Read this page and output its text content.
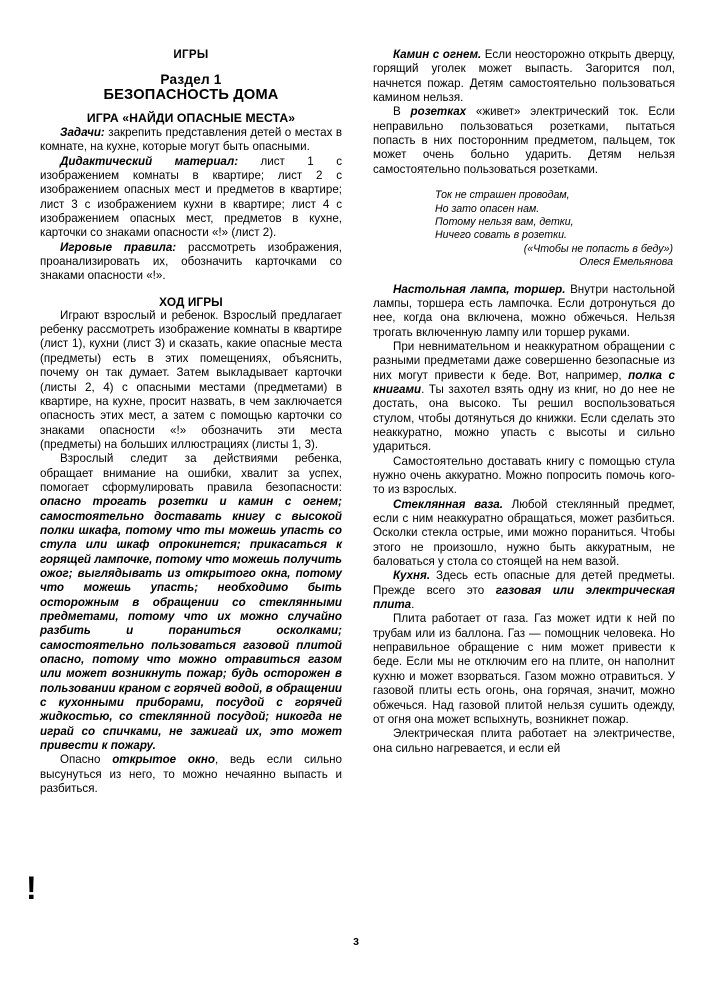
ИГРЫ
Раздел 1
БЕЗОПАСНОСТЬ ДОМА
ИГРА «НАЙДИ ОПАСНЫЕ МЕСТА»

Задачи: закрепить представления детей о местах в комнате, на кухне, которые могут быть опасными.

Дидактический материал: лист 1 с изображением комнаты в квартире; лист 2 с изображением опасных мест и предметов в квартире; лист 3 с изображением кухни в квартире; лист 4 с изображением опасных мест, предметов в кухне, карточки со знаками опасности «!» (лист 2).

Игровые правила: рассмотреть изображения, проанализировать их, обозначить карточками со знаками опасности «!».

ХОД ИГРЫ

Играют взрослый и ребенок. Взрослый предлагает ребенку рассмотреть изображение комнаты в квартире (лист 1), кухни (лист 3) и сказать, какие опасные места (предметы) есть в этих помещениях, объяснить, почему он так думает. Затем выкладывает карточки (листы 2, 4) с опасными местами (предметами) в квартире, на кухне, просит назвать, в чем заключается опасность этих мест, а затем с помощью карточки со знаками опасности «!» обозначить эти места (предметы) на больших иллюстрациях (листы 1, 3).

Взрослый следит за действиями ребенка, обращает внимание на ошибки, хвалит за успех, помогает сформулировать правила безопасности: опасно трогать розетки и камин с огнем; самостоятельно доставать книгу с высокой полки шкафа, потому что ты можешь упасть со стула или шкаф опрокинется; прикасаться к горящей лампочке, потому что можешь получить ожог; выглядывать из открытого окна, потому что можешь упасть; необходимо быть осторожным в обращении со стеклянными предметами, потому что их можно случайно разбить и пораниться осколками; самостоятельно пользоваться газовой плитой опасно, потому что можно отравиться газом или может возникнуть пожар; будь осторожен в пользовании краном с горячей водой, в обращении с кухонными приборами, посудой с горячей жидкостью, со стеклянной посудой; никогда не играй со спичками, не зажигай их, это может привести к пожару.

Опасно открытое окно, ведь если сильно высунуться из него, то можно нечаянно выпасть и разбиться.

Камин с огнем. Если неосторожно открыть дверцу, горящий уголек может выпасть. Загорится пол, начнется пожар. Детям самостоятельно пользоваться камином нельзя.

В розетках «живет» электрический ток. Если неправильно пользоваться розетками, пытаться попасть в них посторонним предметом, пальцем, ток может очень больно ударить. Детям нельзя самостоятельно пользоваться розетками.

Ток не страшен проводам,
Но зато опасен нам.
Потому нельзя вам, детки,
Ничего совать в розетки.
(«Чтобы не попасть в беду»)
Олеся Емельянова

Настольная лампа, торшер. Внутри настольной лампы, торшера есть лампочка. Если дотронуться до нее, когда она включена, можно обжечься. Нельзя трогать включенную лампу или торшер руками.

При невнимательном и неаккуратном обращении с разными предметами даже совершенно безопасные из них могут привести к беде. Вот, например, полка с книгами. Ты захотел взять одну из книг, но до нее не достать, она высоко. Ты решил воспользоваться стулом, чтобы дотянуться до книжки. Если сделать это неаккуратно, можно упасть с высоты и сильно удариться.

Самостоятельно доставать книгу с помощью стула нужно очень аккуратно. Можно попросить помочь кого-то из взрослых.

Стеклянная ваза. Любой стеклянный предмет, если с ним неаккуратно обращаться, может разбиться. Осколки стекла острые, ими можно пораниться. Чтобы этого не произошло, нужно быть аккуратным, не баловаться у стола со стоящей на нем вазой.

Кухня. Здесь есть опасные для детей предметы. Прежде всего это газовая или электрическая плита.

Плита работает от газа. Газ может идти к ней по трубам или из баллона. Газ — помощник человека. Но неправильное обращение с ним может привести к беде. Если мы не отключим его на плите, он наполнит кухню и может взорваться. Газом можно отравиться. У газовой плиты есть огонь, она горячая, значит, можно обжечься. Над газовой плитой нельзя сушить одежду, от огня она может вспыхнуть, возникнет пожар.

Электрическая плита работает на электричестве, она сильно нагревается, и если ей

!
3
